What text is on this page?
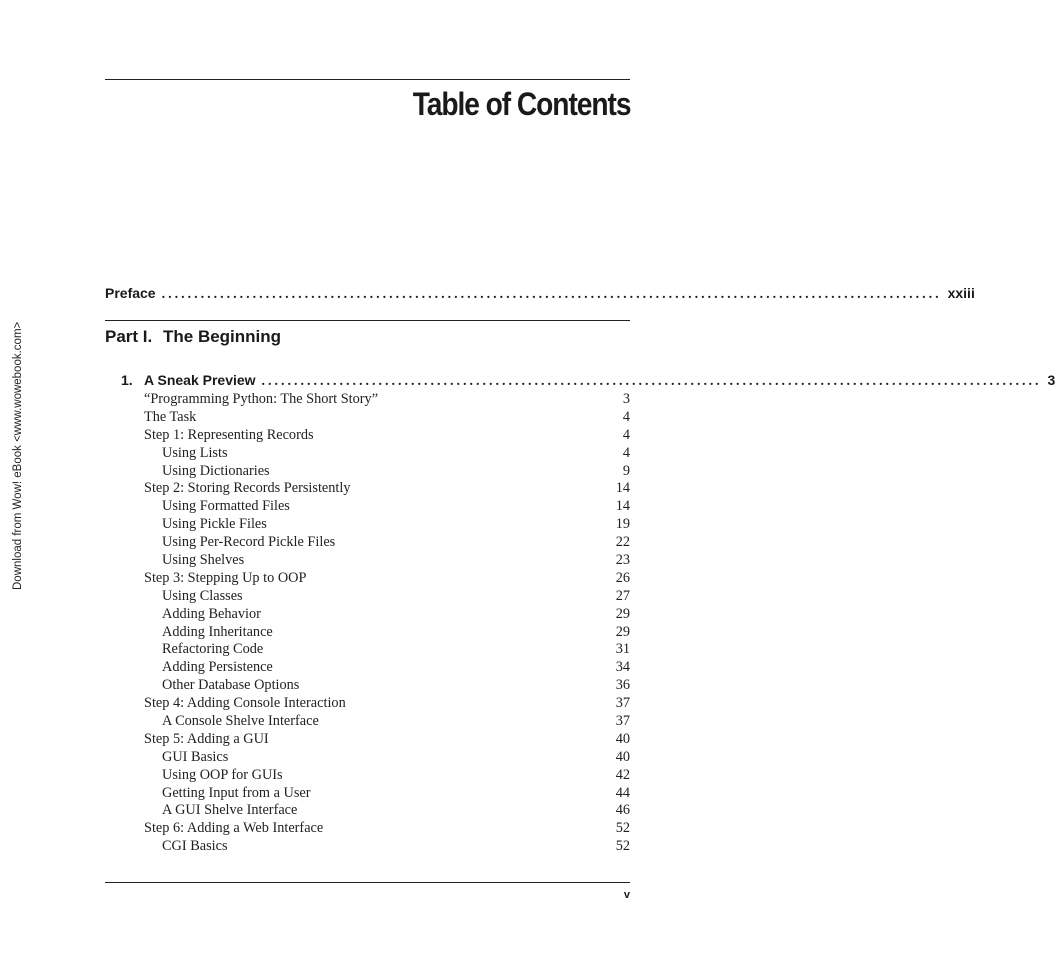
Download from Wow! eBook <www.wowebook.com>
Table of Contents
Preface ........................................................................................................................ xxiii
Part I. The Beginning
1. A Sneak Preview ........................................................................................................................ 3
“Programming Python: The Short Story”	3
The Task	4
Step 1: Representing Records	4
Using Lists	4
Using Dictionaries	9
Step 2: Storing Records Persistently	14
Using Formatted Files	14
Using Pickle Files	19
Using Per-Record Pickle Files	22
Using Shelves	23
Step 3: Stepping Up to OOP	26
Using Classes	27
Adding Behavior	29
Adding Inheritance	29
Refactoring Code	31
Adding Persistence	34
Other Database Options	36
Step 4: Adding Console Interaction	37
A Console Shelve Interface	37
Step 5: Adding a GUI	40
GUI Basics	40
Using OOP for GUIs	42
Getting Input from a User	44
A GUI Shelve Interface	46
Step 6: Adding a Web Interface	52
CGI Basics	52
v
